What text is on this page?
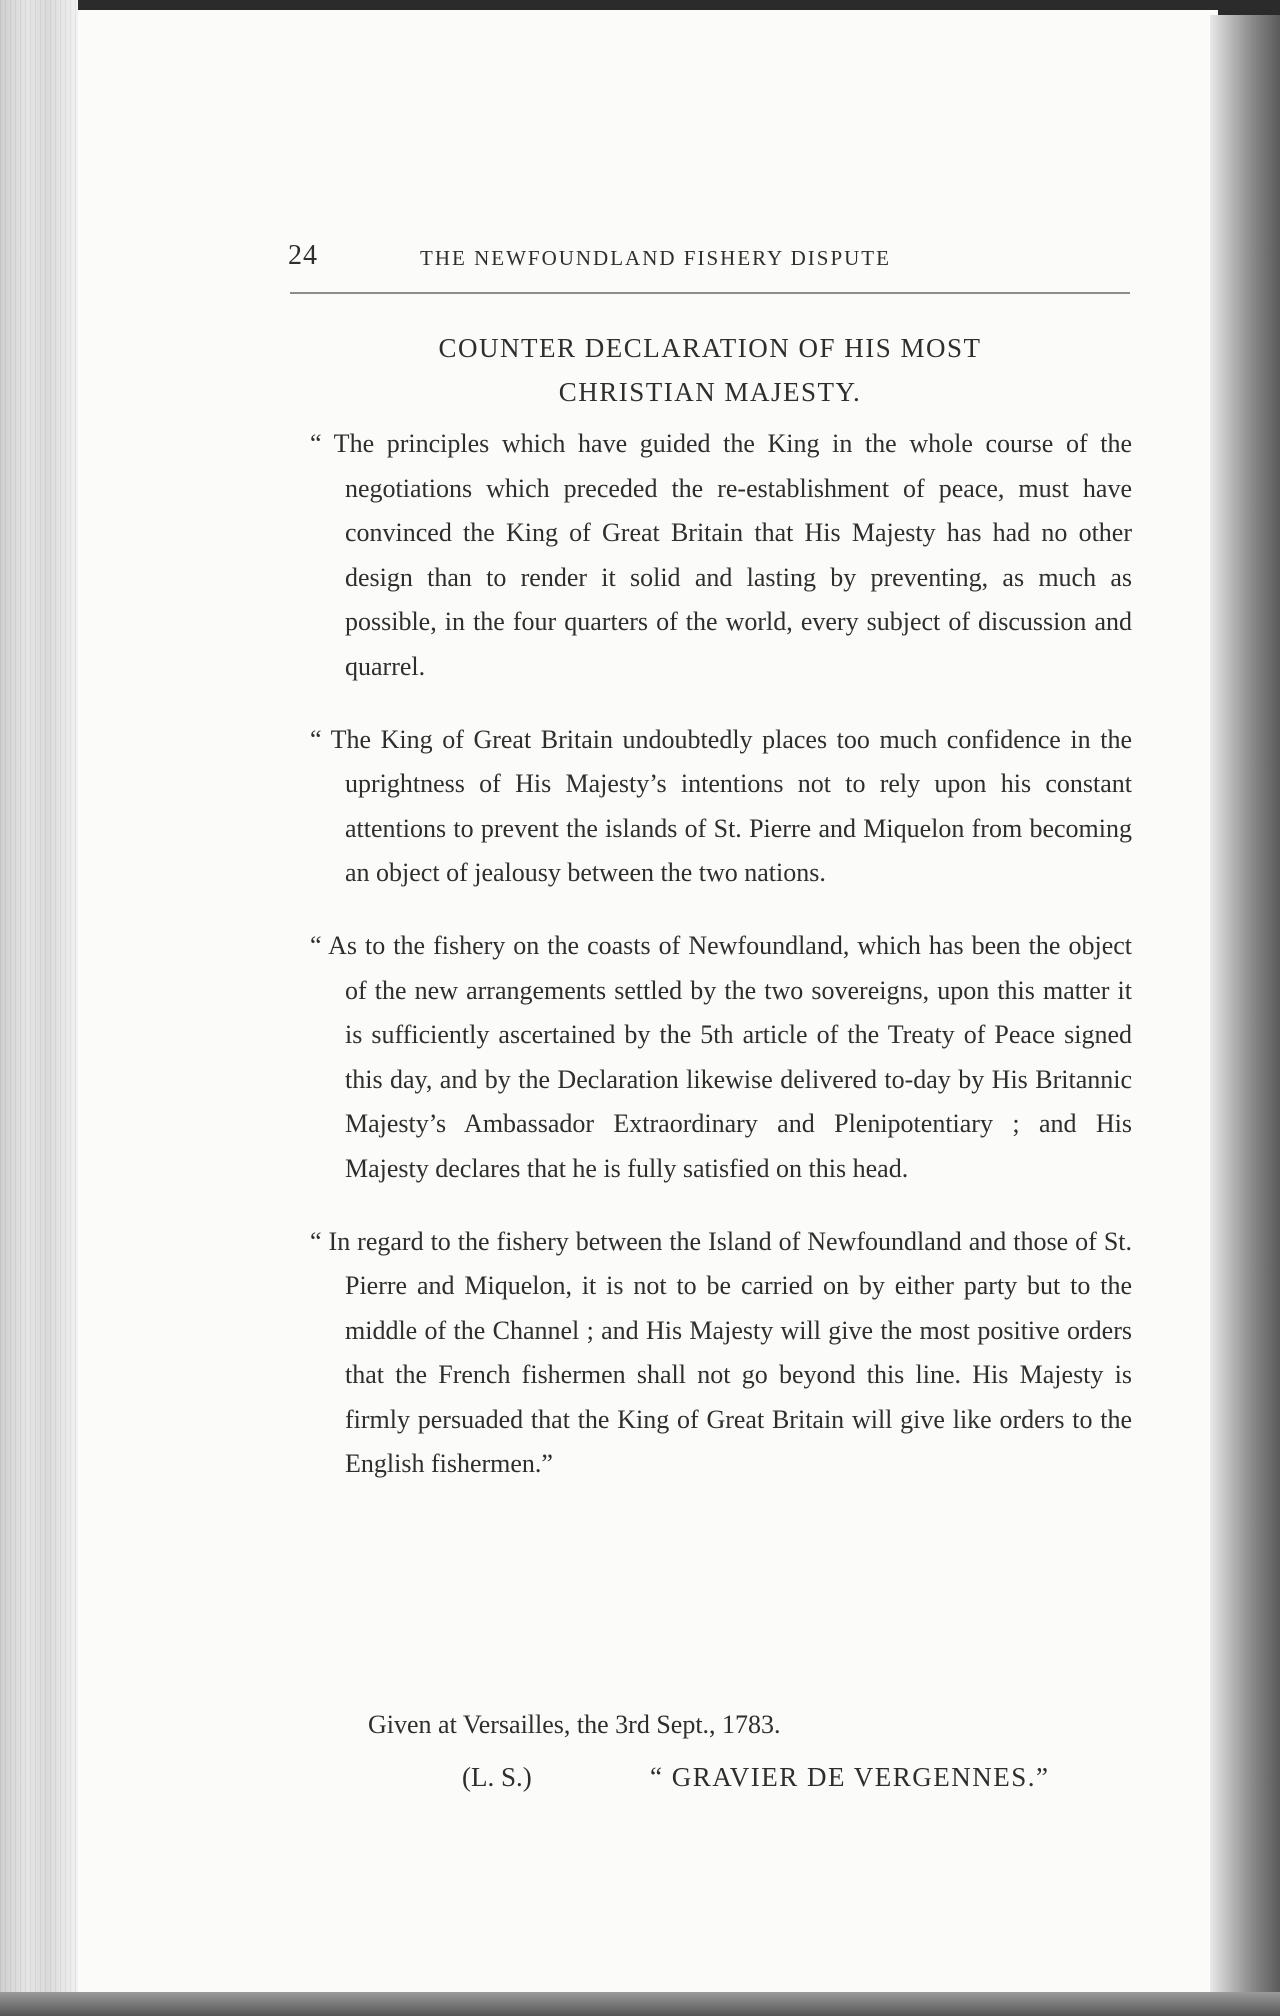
24	THE NEWFOUNDLAND FISHERY DISPUTE
COUNTER DECLARATION OF HIS MOST
CHRISTIAN MAJESTY.

“ The principles which have guided the King in the whole course of the negotiations which preceded the re-establishment of peace, must have convinced the King of Great Britain that His Majesty has had no other design than to render it solid and lasting by preventing, as much as possible, in the four quarters of the world, every subject of discussion and quarrel.

“ The King of Great Britain undoubtedly places too much confidence in the uprightness of His Majesty’s intentions not to rely upon his constant attentions to prevent the islands of St. Pierre and Miquelon from becoming an object of jealousy between the two nations.

“ As to the fishery on the coasts of Newfoundland, which has been the object of the new arrangements settled by the two sovereigns, upon this matter it is sufficiently ascertained by the 5th article of the Treaty of Peace signed this day, and by the Declaration likewise delivered to-day by His Britannic Majesty’s Ambassador Extraordinary and Plenipotentiary ; and His Majesty declares that he is fully satisfied on this head.

“ In regard to the fishery between the Island of Newfoundland and those of St. Pierre and Miquelon, it is not to be carried on by either party but to the middle of the Channel ; and His Majesty will give the most positive orders that the French fishermen shall not go beyond this line. His Majesty is firmly persuaded that the King of Great Britain will give like orders to the English fishermen.”

Given at Versailles, the 3rd Sept., 1783.
(L. S.)	“ GRAVIER DE VERGENNES.”
